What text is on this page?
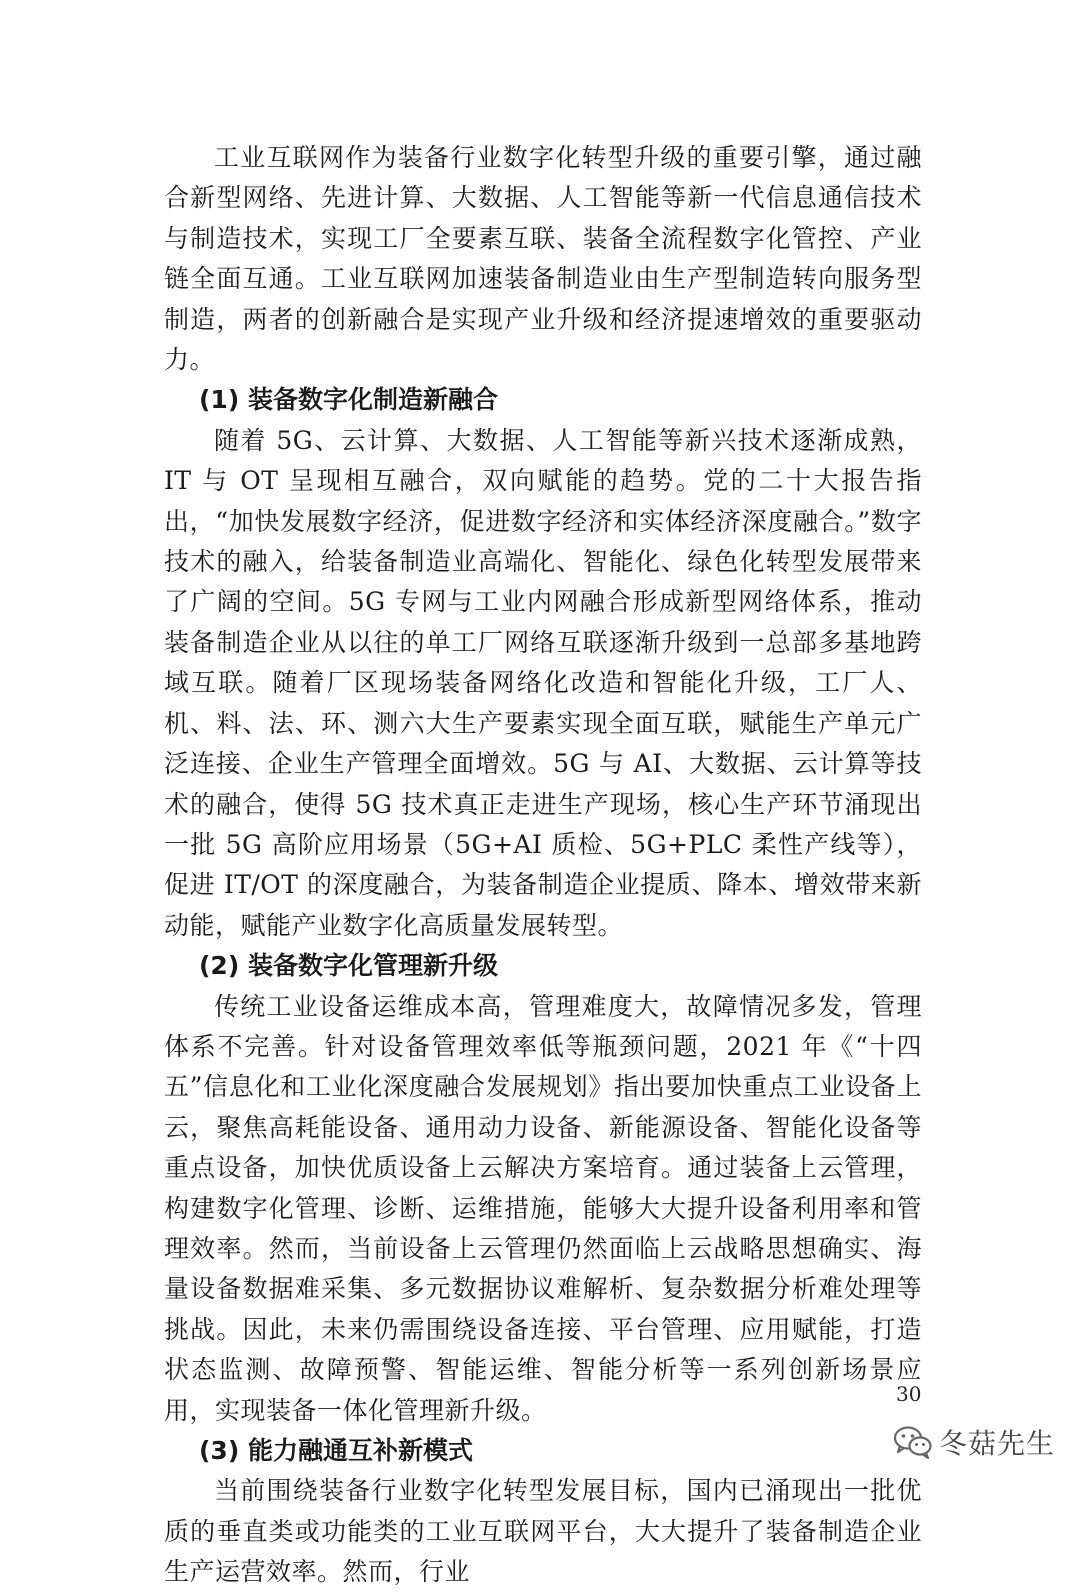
工业互联网作为装备行业数字化转型升级的重要引擎，通过融合新型网络、先进计算、大数据、人工智能等新一代信息通信技术与制造技术，实现工厂全要素互联、装备全流程数字化管控、产业链全面互通。工业互联网加速装备制造业由生产型制造转向服务型制造，两者的创新融合是实现产业升级和经济提速增效的重要驱动力。

(1) 装备数字化制造新融合

随着 5G、云计算、大数据、人工智能等新兴技术逐渐成熟，IT 与 OT 呈现相互融合，双向赋能的趋势。党的二十大报告指出，“加快发展数字经济，促进数字经济和实体经济深度融合。”数字技术的融入，给装备制造业高端化、智能化、绿色化转型发展带来了广阔的空间。5G 专网与工业内网融合形成新型网络体系，推动装备制造企业从以往的单工厂网络互联逐渐升级到一总部多基地跨域互联。随着厂区现场装备网络化改造和智能化升级，工厂人、机、料、法、环、测六大生产要素实现全面互联，赋能生产单元广泛连接、企业生产管理全面增效。5G 与 AI、大数据、云计算等技术的融合，使得 5G 技术真正走进生产现场，核心生产环节涌现出一批 5G 高阶应用场景（5G+AI 质检、5G+PLC 柔性产线等），促进 IT/OT 的深度融合，为装备制造企业提质、降本、增效带来新动能，赋能产业数字化高质量发展转型。

(2) 装备数字化管理新升级

传统工业设备运维成本高，管理难度大，故障情况多发，管理体系不完善。针对设备管理效率低等瓶颈问题，2021 年《“十四五”信息化和工业化深度融合发展规划》指出要加快重点工业设备上云，聚焦高耗能设备、通用动力设备、新能源设备、智能化设备等重点设备，加快优质设备上云解决方案培育。通过装备上云管理，构建数字化管理、诊断、运维措施，能够大大提升设备利用率和管理效率。然而，当前设备上云管理仍然面临上云战略思想确实、海量设备数据难采集、多元数据协议难解析、复杂数据分析难处理等挑战。因此，未来仍需围绕设备连接、平台管理、应用赋能，打造状态监测、故障预警、智能运维、智能分析等一系列创新场景应用，实现装备一体化管理新升级。

(3) 能力融通互补新模式

当前围绕装备行业数字化转型发展目标，国内已涌现出一批优质的垂直类或功能类的工业互联网平台，大大提升了装备制造企业生产运营效率。然而，行业

30
冬菇先生
